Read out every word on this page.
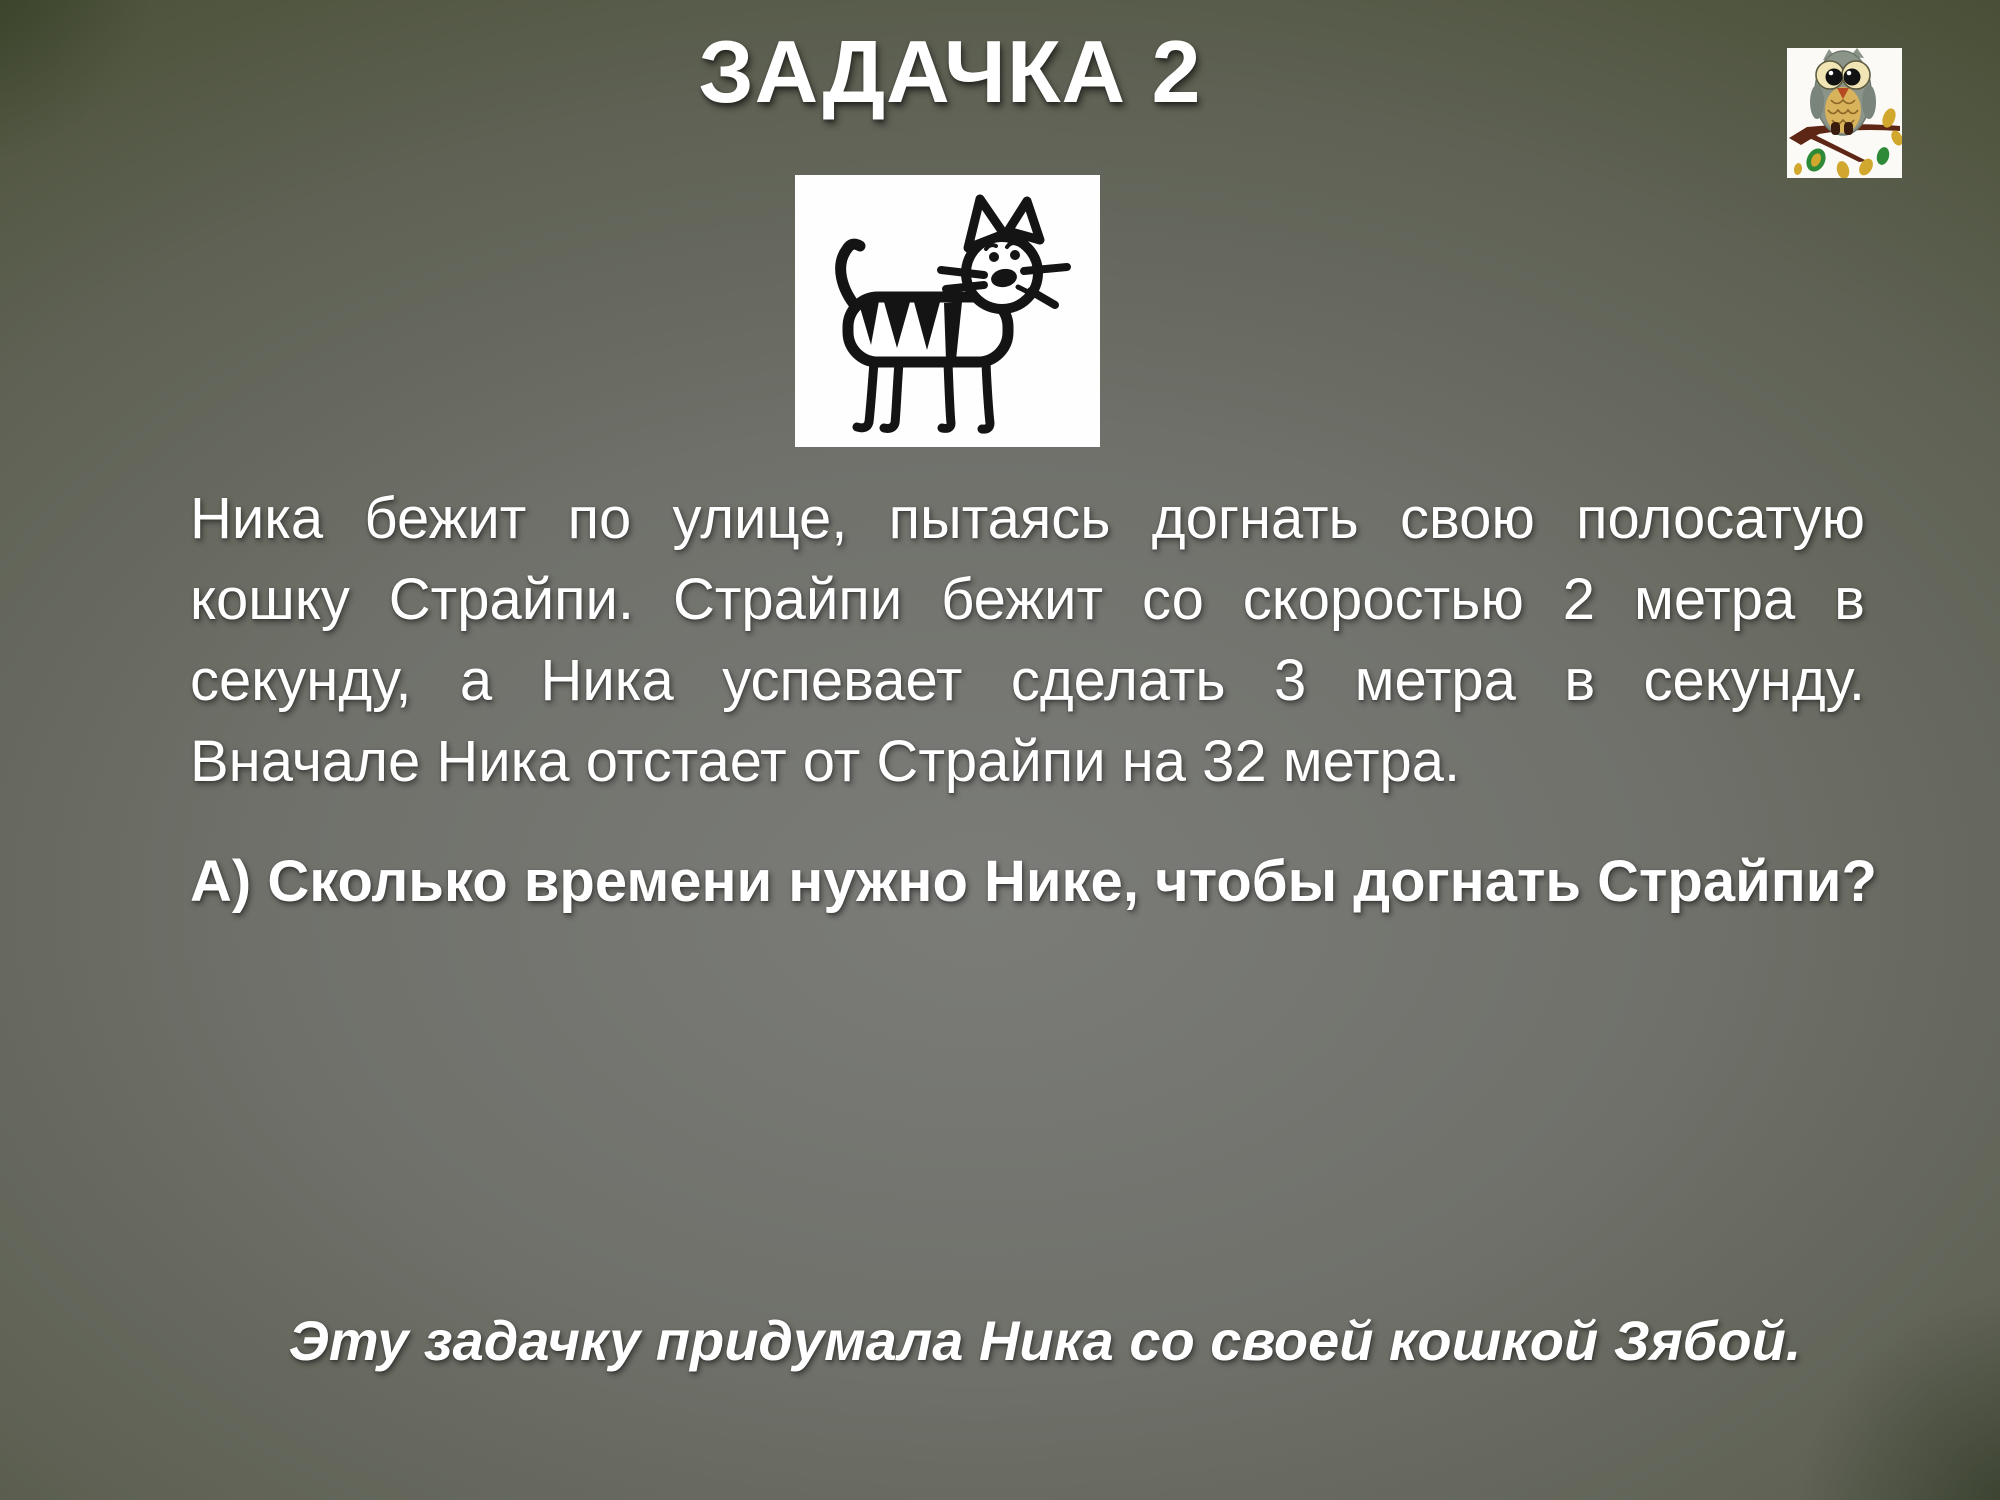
ЗАДАЧКА 2
Ника бежит по улице, пытаясь догнать свою полосатую
кошку Страйпи. Страйпи бежит со скоростью 2 метра в
секунду, а Ника успевает сделать 3 метра в секунду.
Вначале Ника отстает от Страйпи на 32 метра.
А) Сколько времени нужно Нике, чтобы догнать Страйпи?
Эту задачку придумала Ника со своей кошкой Зябой.
